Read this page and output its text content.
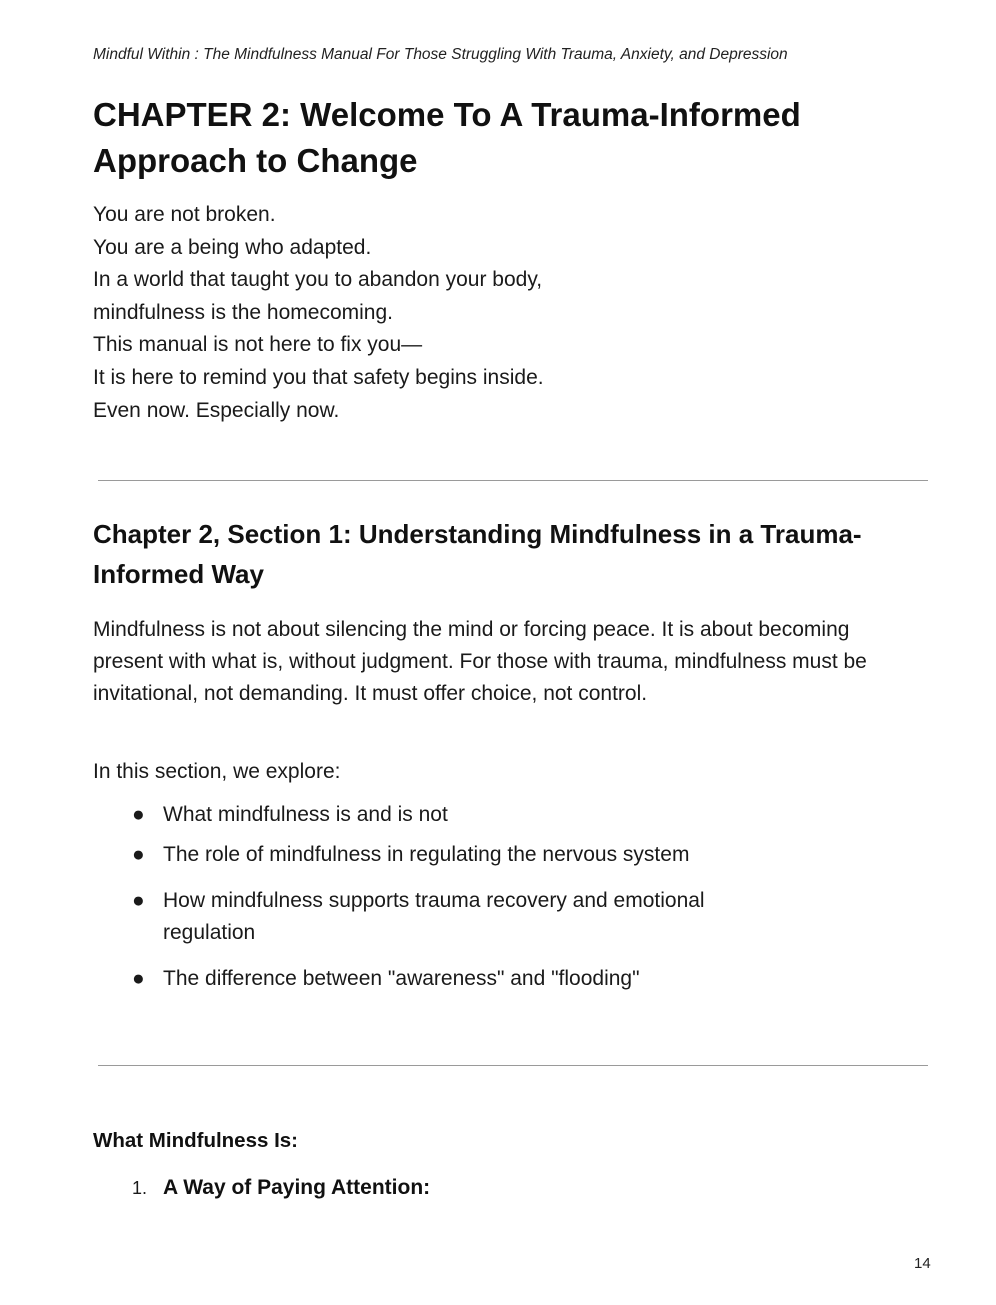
Mindful Within : The Mindfulness Manual For Those Struggling With Trauma, Anxiety, and Depression
CHAPTER 2: Welcome To A Trauma-Informed Approach to Change
You are not broken.
You are a being who adapted.
In a world that taught you to abandon your body,
mindfulness is the homecoming.
This manual is not here to fix you—
It is here to remind you that safety begins inside.
Even now. Especially now.
Chapter 2, Section 1: Understanding Mindfulness in a Trauma-Informed Way

Mindfulness is not about silencing the mind or forcing peace. It is about becoming present with what is, without judgment. For those with trauma, mindfulness must be invitational, not demanding. It must offer choice, not control.

In this section, we explore:

● What mindfulness is and is not
● The role of mindfulness in regulating the nervous system
● How mindfulness supports trauma recovery and emotional regulation
● The difference between "awareness" and "flooding"
What Mindfulness Is:
1. A Way of Paying Attention:
14
